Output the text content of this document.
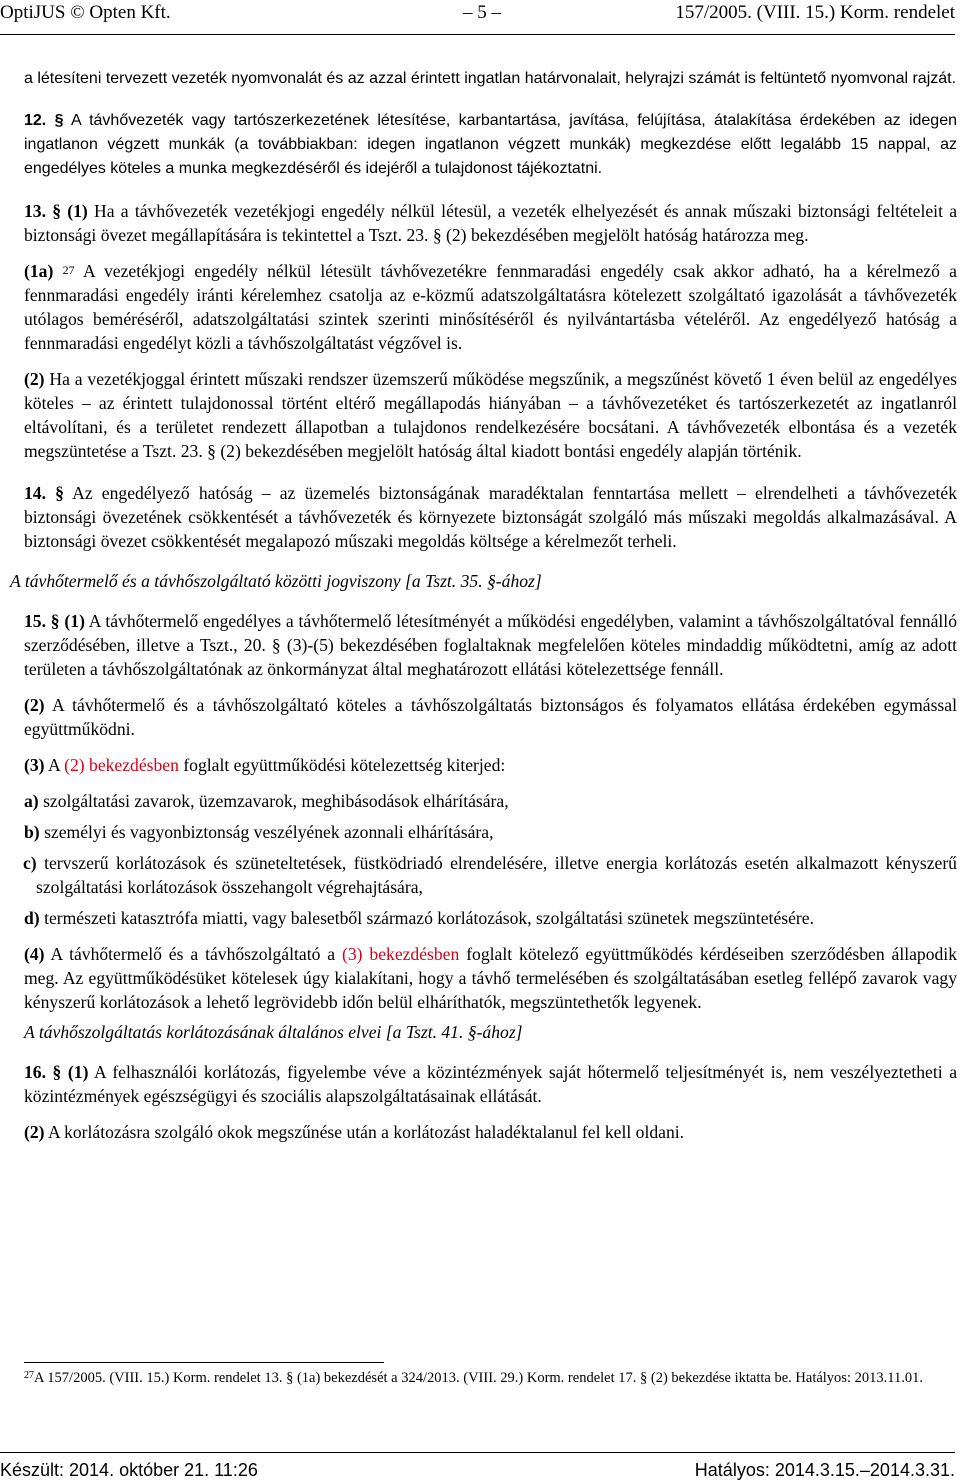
OptiJUS © Opten Kft.	– 5 –	157/2005. (VIII. 15.) Korm. rendelet

a létesíteni tervezett vezeték nyomvonalát és az azzal érintett ingatlan határvonalait, helyrajzi számát is feltüntető nyomvonal rajzát.

12. § A távhővezeték vagy tartószerkezetének létesítése, karbantartása, javítása, felújítása, átalakítása érdekében az idegen ingatlanon végzett munkák (a továbbiakban: idegen ingatlanon végzett munkák) megkezdése előtt legalább 15 nappal, az engedélyes köteles a munka megkezdéséről és idejéről a tulajdonost tájékoztatni.

13. § (1) Ha a távhővezeték vezetékjogi engedély nélkül létesül, a vezeték elhelyezését és annak műszaki biztonsági feltételeit a biztonsági övezet megállapítására is tekintettel a Tszt. 23. § (2) bekezdésében megjelölt hatóság határozza meg.

(1a) $^{27}$ A vezetékjogi engedély nélkül létesült távhővezetékre fennmaradási engedély csak akkor adható, ha a kérelmező a fennmaradási engedély iránti kérelemhez csatolja az e-közmű adatszolgáltatásra kötelezett szolgáltató igazolását a távhővezeték utólagos beméréséről, adatszolgáltatási szintek szerinti minősítéséről és nyilvántartásba vételéről. Az engedélyező hatóság a fennmaradási engedélyt közli a távhőszolgáltatást végzővel is.

(2) Ha a vezetékjoggal érintett műszaki rendszer üzemszerű működése megszűnik, a megszűnést követő 1 éven belül az engedélyes köteles – az érintett tulajdonossal történt eltérő megállapodás hiányában – a távhővezetéket és tartószerkezetét az ingatlanról eltávolítani, és a területet rendezett állapotban a tulajdonos rendelkezésére bocsátani. A távhővezeték elbontása és a vezeték megszüntetése a Tszt. 23. § (2) bekezdésében megjelölt hatóság által kiadott bontási engedély alapján történik.

14. § Az engedélyező hatóság – az üzemelés biztonságának maradéktalan fenntartása mellett – elrendelheti a távhővezeték biztonsági övezetének csökkentését a távhővezeték és környezete biztonságát szolgáló más műszaki megoldás alkalmazásával. A biztonsági övezet csökkentését megalapozó műszaki megoldás költsége a kérelmezőt terheli.

A távhőtermelő és a távhőszolgáltató közötti jogviszony [a Tszt. 35. §-ához]

15. § (1) A távhőtermelő engedélyes a távhőtermelő létesítményét a működési engedélyben, valamint a távhőszolgáltatóval fennálló szerződésében, illetve a Tszt., 20. § (3)-(5) bekezdésében foglaltaknak megfelelően köteles mindaddig működtetni, amíg az adott területen a távhőszolgáltatónak az önkormányzat által meghatározott ellátási kötelezettsége fennáll.

(2) A távhőtermelő és a távhőszolgáltató köteles a távhőszolgáltatás biztonságos és folyamatos ellátása érdekében egymással együttműködni.

(3) A (2) bekezdésben foglalt együttműködési kötelezettség kiterjed:

a) szolgáltatási zavarok, üzemzavarok, meghibásodások elhárítására,

b) személyi és vagyonbiztonság veszélyének azonnali elhárítására,

c) tervszerű korlátozások és szüneteltetések, füstködriadó elrendelésére, illetve energia korlátozás esetén alkalmazott kényszerű szolgáltatási korlátozások összehangolt végrehajtására,

d) természeti katasztrófa miatti, vagy balesetből származó korlátozások, szolgáltatási szünetek megszüntetésére.

(4) A távhőtermelő és a távhőszolgáltató a (3) bekezdésben foglalt kötelező együttműködés kérdéseiben szerződésben állapodik meg. Az együttműködésüket kötelesek úgy kialakítani, hogy a távhő termelésében és szolgáltatásában esetleg fellépő zavarok vagy kényszerű korlátozások a lehető legrövidebb időn belül elháríthatók, megszüntethetők legyenek.

A távhőszolgáltatás korlátozásának általános elvei [a Tszt. 41. §-ához]

16. § (1) A felhasználói korlátozás, figyelembe véve a közintézmények saját hőtermelő teljesítményét is, nem veszélyeztetheti a közintézmények egészségügyi és szociális alapszolgáltatásainak ellátását.

(2) A korlátozásra szolgáló okok megszűnése után a korlátozást haladéktalanul fel kell oldani.

$^{27}$A 157/2005. (VIII. 15.) Korm. rendelet 13. § (1a) bekezdését a 324/2013. (VIII. 29.) Korm. rendelet 17. § (2) bekezdése iktatta be. Hatályos: 2013.11.01.
Készült: 2014. október 21. 11:26	Hatályos: 2014.3.15.–2014.3.31.
